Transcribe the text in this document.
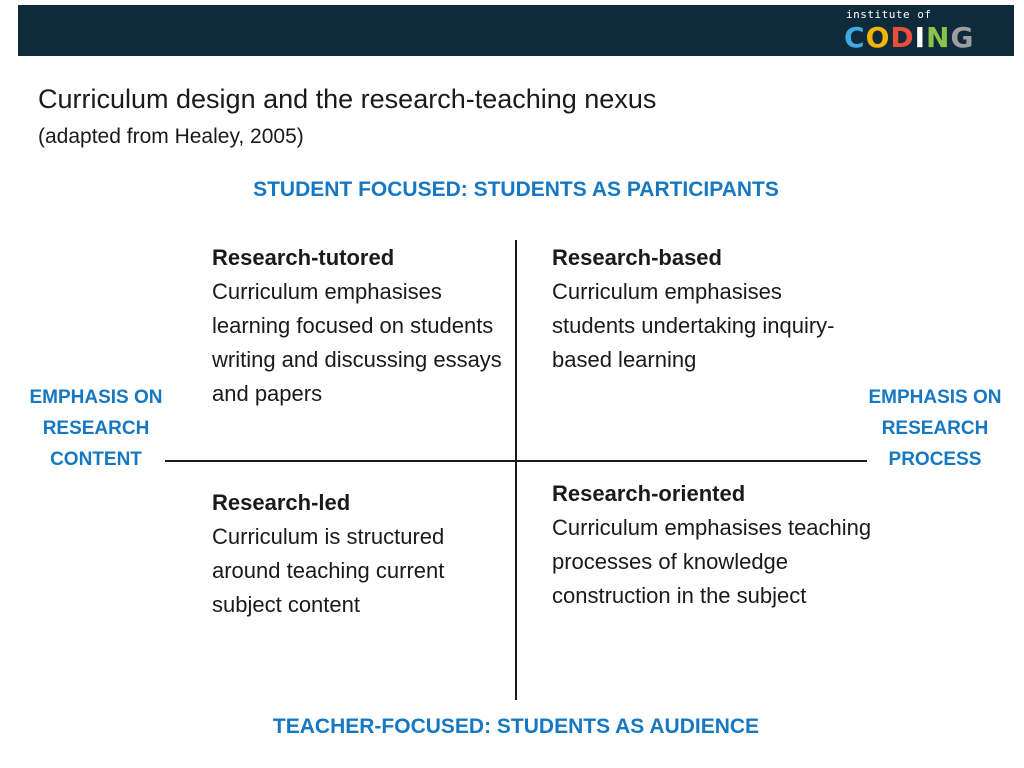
institute of
CODING
Curriculum design and the research-teaching nexus
(adapted from Healey, 2005)
STUDENT FOCUSED: STUDENTS AS PARTICIPANTS
EMPHASIS ON RESEARCH CONTENT
EMPHASIS ON RESEARCH PROCESS
TEACHER-FOCUSED: STUDENTS AS AUDIENCE
Research-tutored
Curriculum emphasises learning focused on students writing and discussing essays and papers
Research-based
Curriculum emphasises students undertaking inquiry-based learning
Research-led
Curriculum is structured around teaching current subject content
Research-oriented
Curriculum emphasises teaching processes of knowledge construction in the subject
